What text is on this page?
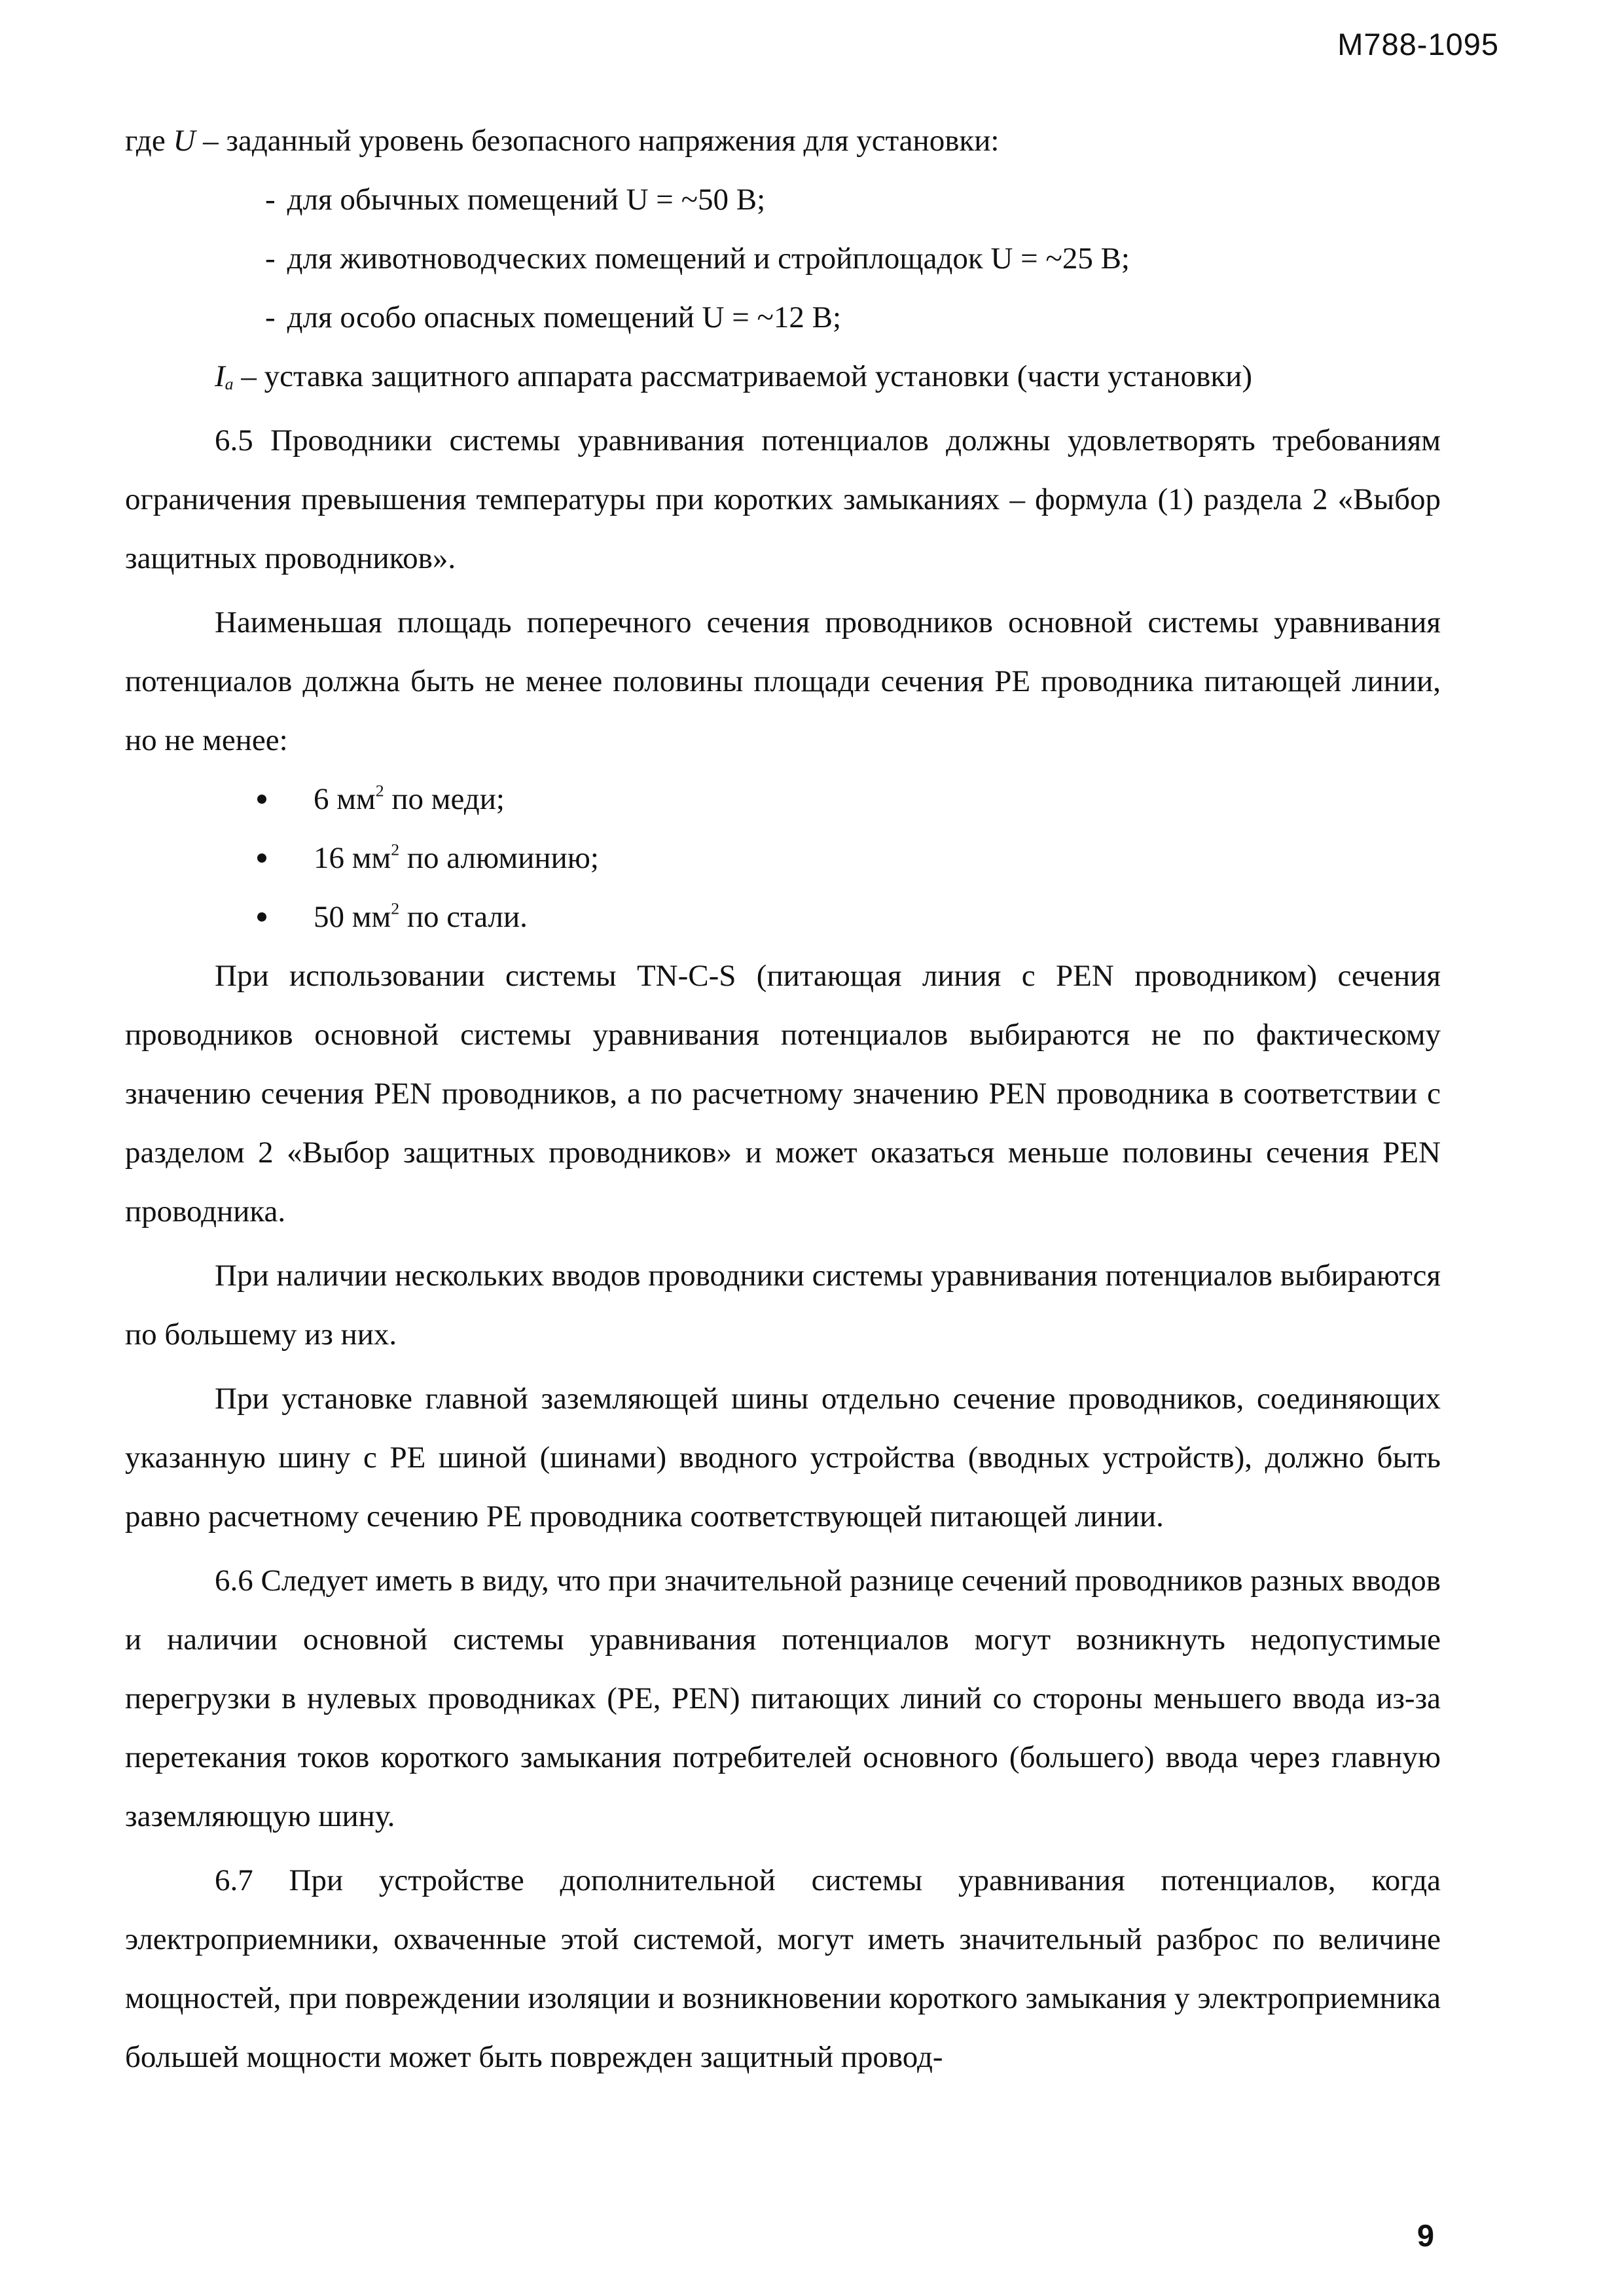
М788-1095

где U – заданный уровень безопасного напряжения для установки:

- для обычных помещений U = ~50 В;

- для животноводческих помещений и стройплощадок U = ~25 В;

- для особо опасных помещений U = ~12 В;

$I_a$ – уставка защитного аппарата рассматриваемой установки (части установки)

6.5 Проводники системы уравнивания потенциалов должны удовлетворять требованиям ограничения превышения температуры при коротких замыканиях – формула (1) раздела 2 «Выбор защитных проводников».

Наименьшая площадь поперечного сечения проводников основной системы уравнивания потенциалов должна быть не менее половины площади сечения РЕ проводника питающей линии, но не менее:

6 $мм^2$ по меди;
16 $мм^2$ по алюминию;
50 $мм^2$ по стали.

При использовании системы TN-C-S (питающая линия с PEN проводником) сечения проводников основной системы уравнивания потенциалов выбираются не по фактическому значению сечения PEN проводников, а по расчетному значению PEN проводника в соответствии с разделом 2 «Выбор защитных проводников» и может оказаться меньше половины сечения PEN проводника.

При наличии нескольких вводов проводники системы уравнивания потенциалов выбираются по большему из них.

При установке главной заземляющей шины отдельно сечение проводников, соединяющих указанную шину с РЕ шиной (шинами) вводного устройства (вводных устройств), должно быть равно расчетному сечению РЕ проводника соответствующей питающей линии.

6.6 Следует иметь в виду, что при значительной разнице сечений проводников разных вводов и наличии основной системы уравнивания потенциалов могут возникнуть недопустимые перегрузки в нулевых проводниках (PE, PEN) питающих линий со стороны меньшего ввода из-за перетекания токов короткого замыкания потребителей основного (большего) ввода через главную заземляющую шину.

6.7 При устройстве дополнительной системы уравнивания потенциалов, когда электроприемники, охваченные этой системой, могут иметь значительный разброс по величине мощностей, при повреждении изоляции и возникновении короткого замыкания у электроприемника большей мощности может быть поврежден защитный провод-

9
